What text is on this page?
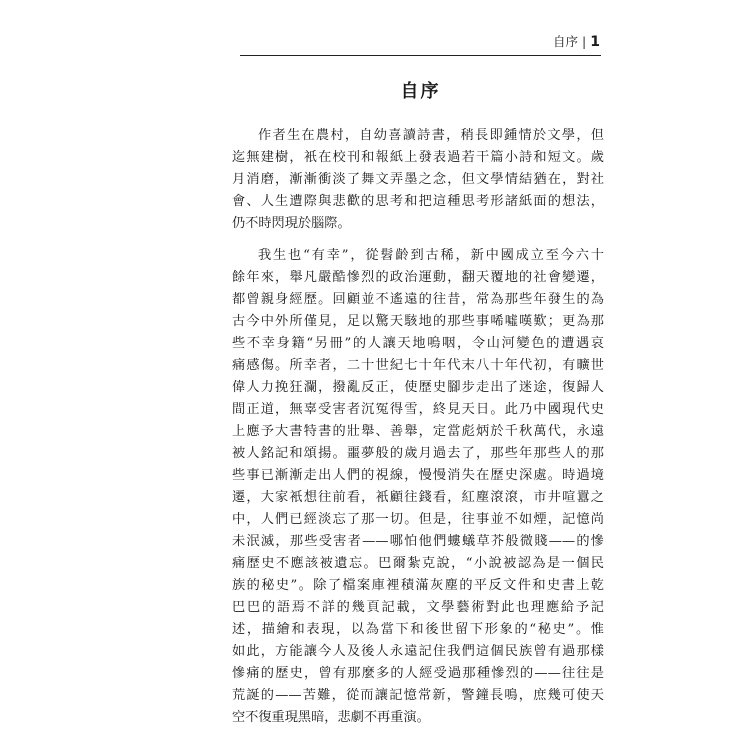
自序 | 1
自序
作者生在農村，自幼喜讀詩書，稍長即鍾情於文學，但
迄無建樹，衹在校刊和報紙上發表過若干篇小詩和短文。歲
月消磨，漸漸衝淡了舞文弄墨之念，但文學情結猶在，對社
會、人生遭際與悲歡的思考和把這種思考形諸紙面的想法，
仍不時閃現於腦際。
我生也“有幸”，從髫齡到古稀，新中國成立至今六十
餘年來，舉凡嚴酷慘烈的政治運動，翻天覆地的社會變遷，
都曾親身經歷。回顧並不遙遠的往昔，常為那些年發生的為
古今中外所僅見，足以驚天駭地的那些事唏噓嘆歎；更為那
些不幸身籍“另冊”的人讓天地嗚咽，令山河變色的遭遇哀
痛感傷。所幸者，二十世紀七十年代末八十年代初，有曠世
偉人力挽狂瀾，撥亂反正，使歷史腳步走出了迷途，復歸人
間正道，無辜受害者沉冤得雪，終見天日。此乃中國現代史
上應予大書特書的壯舉、善舉，定當彪炳於千秋萬代，永遠
被人銘記和頌揚。噩夢般的歲月過去了，那些年那些人的那
些事已漸漸走出人們的視線，慢慢消失在歷史深處。時過境
遷，大家衹想往前看，衹顧往錢看，紅塵滾滾，市井喧囂之
中，人們已經淡忘了那一切。但是，往事並不如煙，記憶尚
未泯滅，那些受害者——哪怕他們螻蟻草芥般微賤——的慘
痛歷史不應該被遺忘。巴爾紮克說，“小說被認為是一個民
族的秘史”。除了檔案庫裡積滿灰塵的平反文件和史書上乾
巴巴的語焉不詳的幾頁記載，文學藝術對此也理應給予記
述，描繪和表現，以為當下和後世留下形象的“秘史”。惟
如此，方能讓今人及後人永遠記住我們這個民族曾有過那樣
慘痛的歷史，曾有那麼多的人經受過那種慘烈的——往往是
荒誕的——苦難，從而讓記憶常新，警鐘長鳴，庶幾可使天
空不復重現黑暗，悲劇不再重演。
